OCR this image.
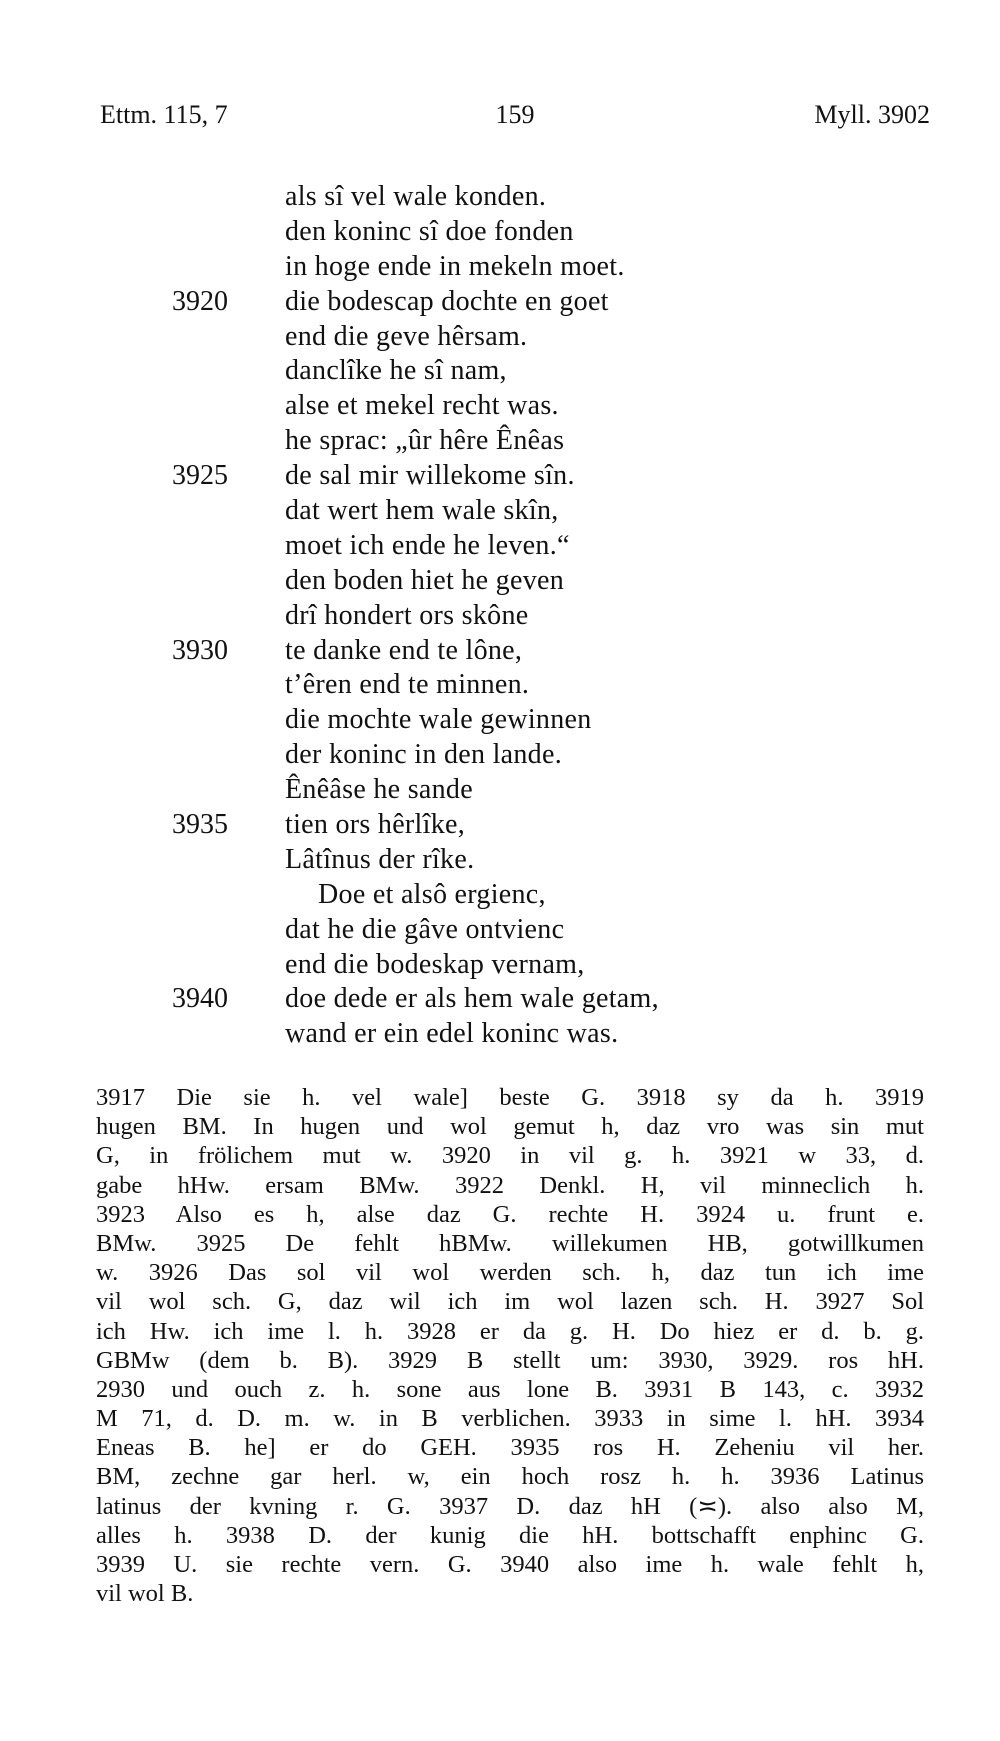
Ettm. 115, 7	159	Myll. 3902
als sî vel wale konden.
den koninc sî doe fonden
in hoge ende in mekeln moet.
3920	die bodescap dochte en goet
end die geve hêrsam.
danclîke he sî nam,
alse et mekel recht was.
he sprac: „ûr hêre Ênêas
3925	de sal mir willekome sîn.
dat wert hem wale skîn,
moet ich ende he leven.“
den boden hiet he geven
drî hondert ors skône
3930	te danke end te lône,
t’êren end te minnen.
die mochte wale gewinnen
der koninc in den lande.
Ênêâse he sande
3935	tien ors hêrlîke,
Lâtînus der rîke.
Doe et alsô ergienc,
dat he die gâve ontvienc
end die bodeskap vernam,
3940	doe dede er als hem wale getam,
wand er ein edel koninc was.
3917 Die sie h. vel wale] beste G. 3918 sy da h. 3919
hugen BM. In hugen und wol gemut h, daz vro was sin mut
G, in frölichem mut w. 3920 in vil g. h. 3921 w 33, d.
gabe hHw. ersam BMw. 3922 Denkl. H, vil minneclich h.
3923 Also es h, alse daz G. rechte H. 3924 u. frunt e.
BMw. 3925 De fehlt hBMw. willekumen HB, gotwillkumen
w. 3926 Das sol vil wol werden sch. h, daz tun ich ime
vil wol sch. G, daz wil ich im wol lazen sch. H. 3927 Sol
ich Hw. ich ime l. h. 3928 er da g. H. Do hiez er d. b. g.
GBMw (dem b. B). 3929 B stellt um: 3930, 3929. ros hH.
2930 und ouch z. h. sone aus lone B. 3931 B 143, c. 3932
M 71, d. D. m. w. in B verblichen. 3933 in sime l. hH. 3934
Eneas B. he] er do GEH. 3935 ros H. Zeheniu vil her.
BM, zechne gar herl. w, ein hoch rosz h. h. 3936 Latinus
latinus der kvning r. G. 3937 D. daz hH (≍). also also M,
alles h. 3938 D. der kunig die hH. bottschafft enphinc G.
3939 U. sie rechte vern. G. 3940 also ime h. wale fehlt h,
vil wol B.
